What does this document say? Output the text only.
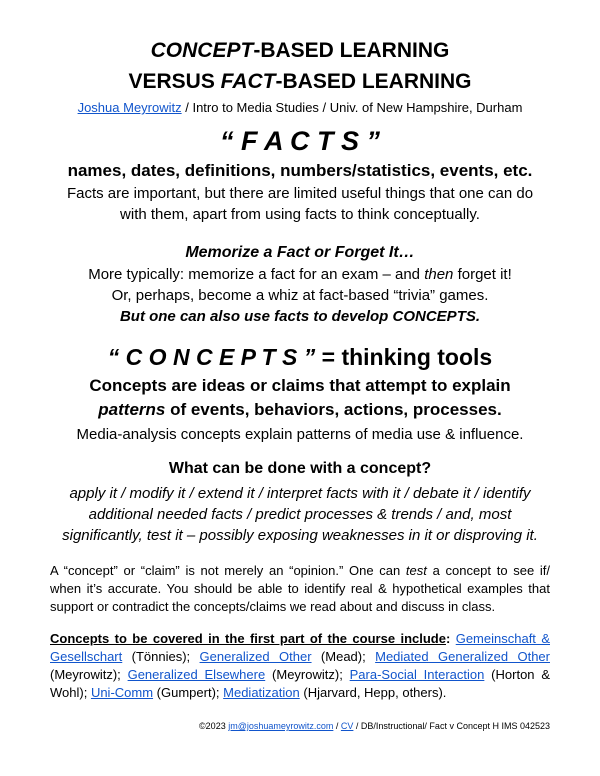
CONCEPT-BASED LEARNING
VERSUS FACT-BASED LEARNING
Joshua Meyrowitz / Intro to Media Studies / Univ. of New Hampshire, Durham
“ F A C T S ”
names, dates, definitions, numbers/statistics, events, etc.
Facts are important, but there are limited useful things that one can do
with them, apart from using facts to think conceptually.
Memorize a Fact or Forget It…
More typically: memorize a fact for an exam – and then forget it!
Or, perhaps, become a whiz at fact-based “trivia” games.
But one can also use facts to develop CONCEPTS.
“ C O N C E P T S ” = thinking tools
Concepts are ideas or claims that attempt to explain
patterns of events, behaviors, actions, processes.
Media-analysis concepts explain patterns of media use & influence.
What can be done with a concept?
apply it / modify it / extend it / interpret facts with it / debate it / identify
additional needed facts / predict processes & trends / and, most
significantly, test it – possibly exposing weaknesses in it or disproving it.
A “concept” or “claim” is not merely an “opinion.” One can test a concept to see if/ when it’s accurate. You should be able to identify real & hypothetical examples that support or contradict the concepts/claims we read about and discuss in class.
Concepts to be covered in the first part of the course include: Gemeinschaft & Gesellschart (Tönnies); Generalized Other (Mead); Mediated Generalized Other (Meyrowitz); Generalized Elsewhere (Meyrowitz); Para-Social Interaction (Horton & Wohl); Uni-Comm (Gumpert); Mediatization (Hjarvard, Hepp, others).
©2023 jm@joshuameyrowitz.com / CV / DB/Instructional/ Fact v Concept H IMS 042523
